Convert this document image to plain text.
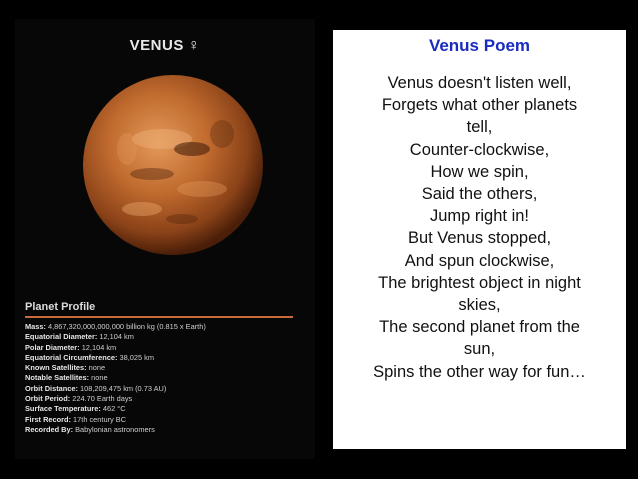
VENUS ♀
Planet Profile
Mass: 4,867,320,000,000,000 billion kg (0.815 x Earth)
Equatorial Diameter: 12,104 km
Polar Diameter: 12,104 km
Equatorial Circumference: 38,025 km
Known Satellites: none
Notable Satellites: none
Orbit Distance: 108,209,475 km (0.73 AU)
Orbit Period: 224.70 Earth days
Surface Temperature: 462 °C
First Record: 17th century BC
Recorded By: Babylonian astronomers
Venus Poem
Venus doesn't listen well,
Forgets what other planets
tell,
Counter-clockwise,
How we spin,
Said the others,
Jump right in!
But Venus stopped,
And spun clockwise,
The brightest object in night
skies,
The second planet from the
sun,
Spins the other way for fun…
